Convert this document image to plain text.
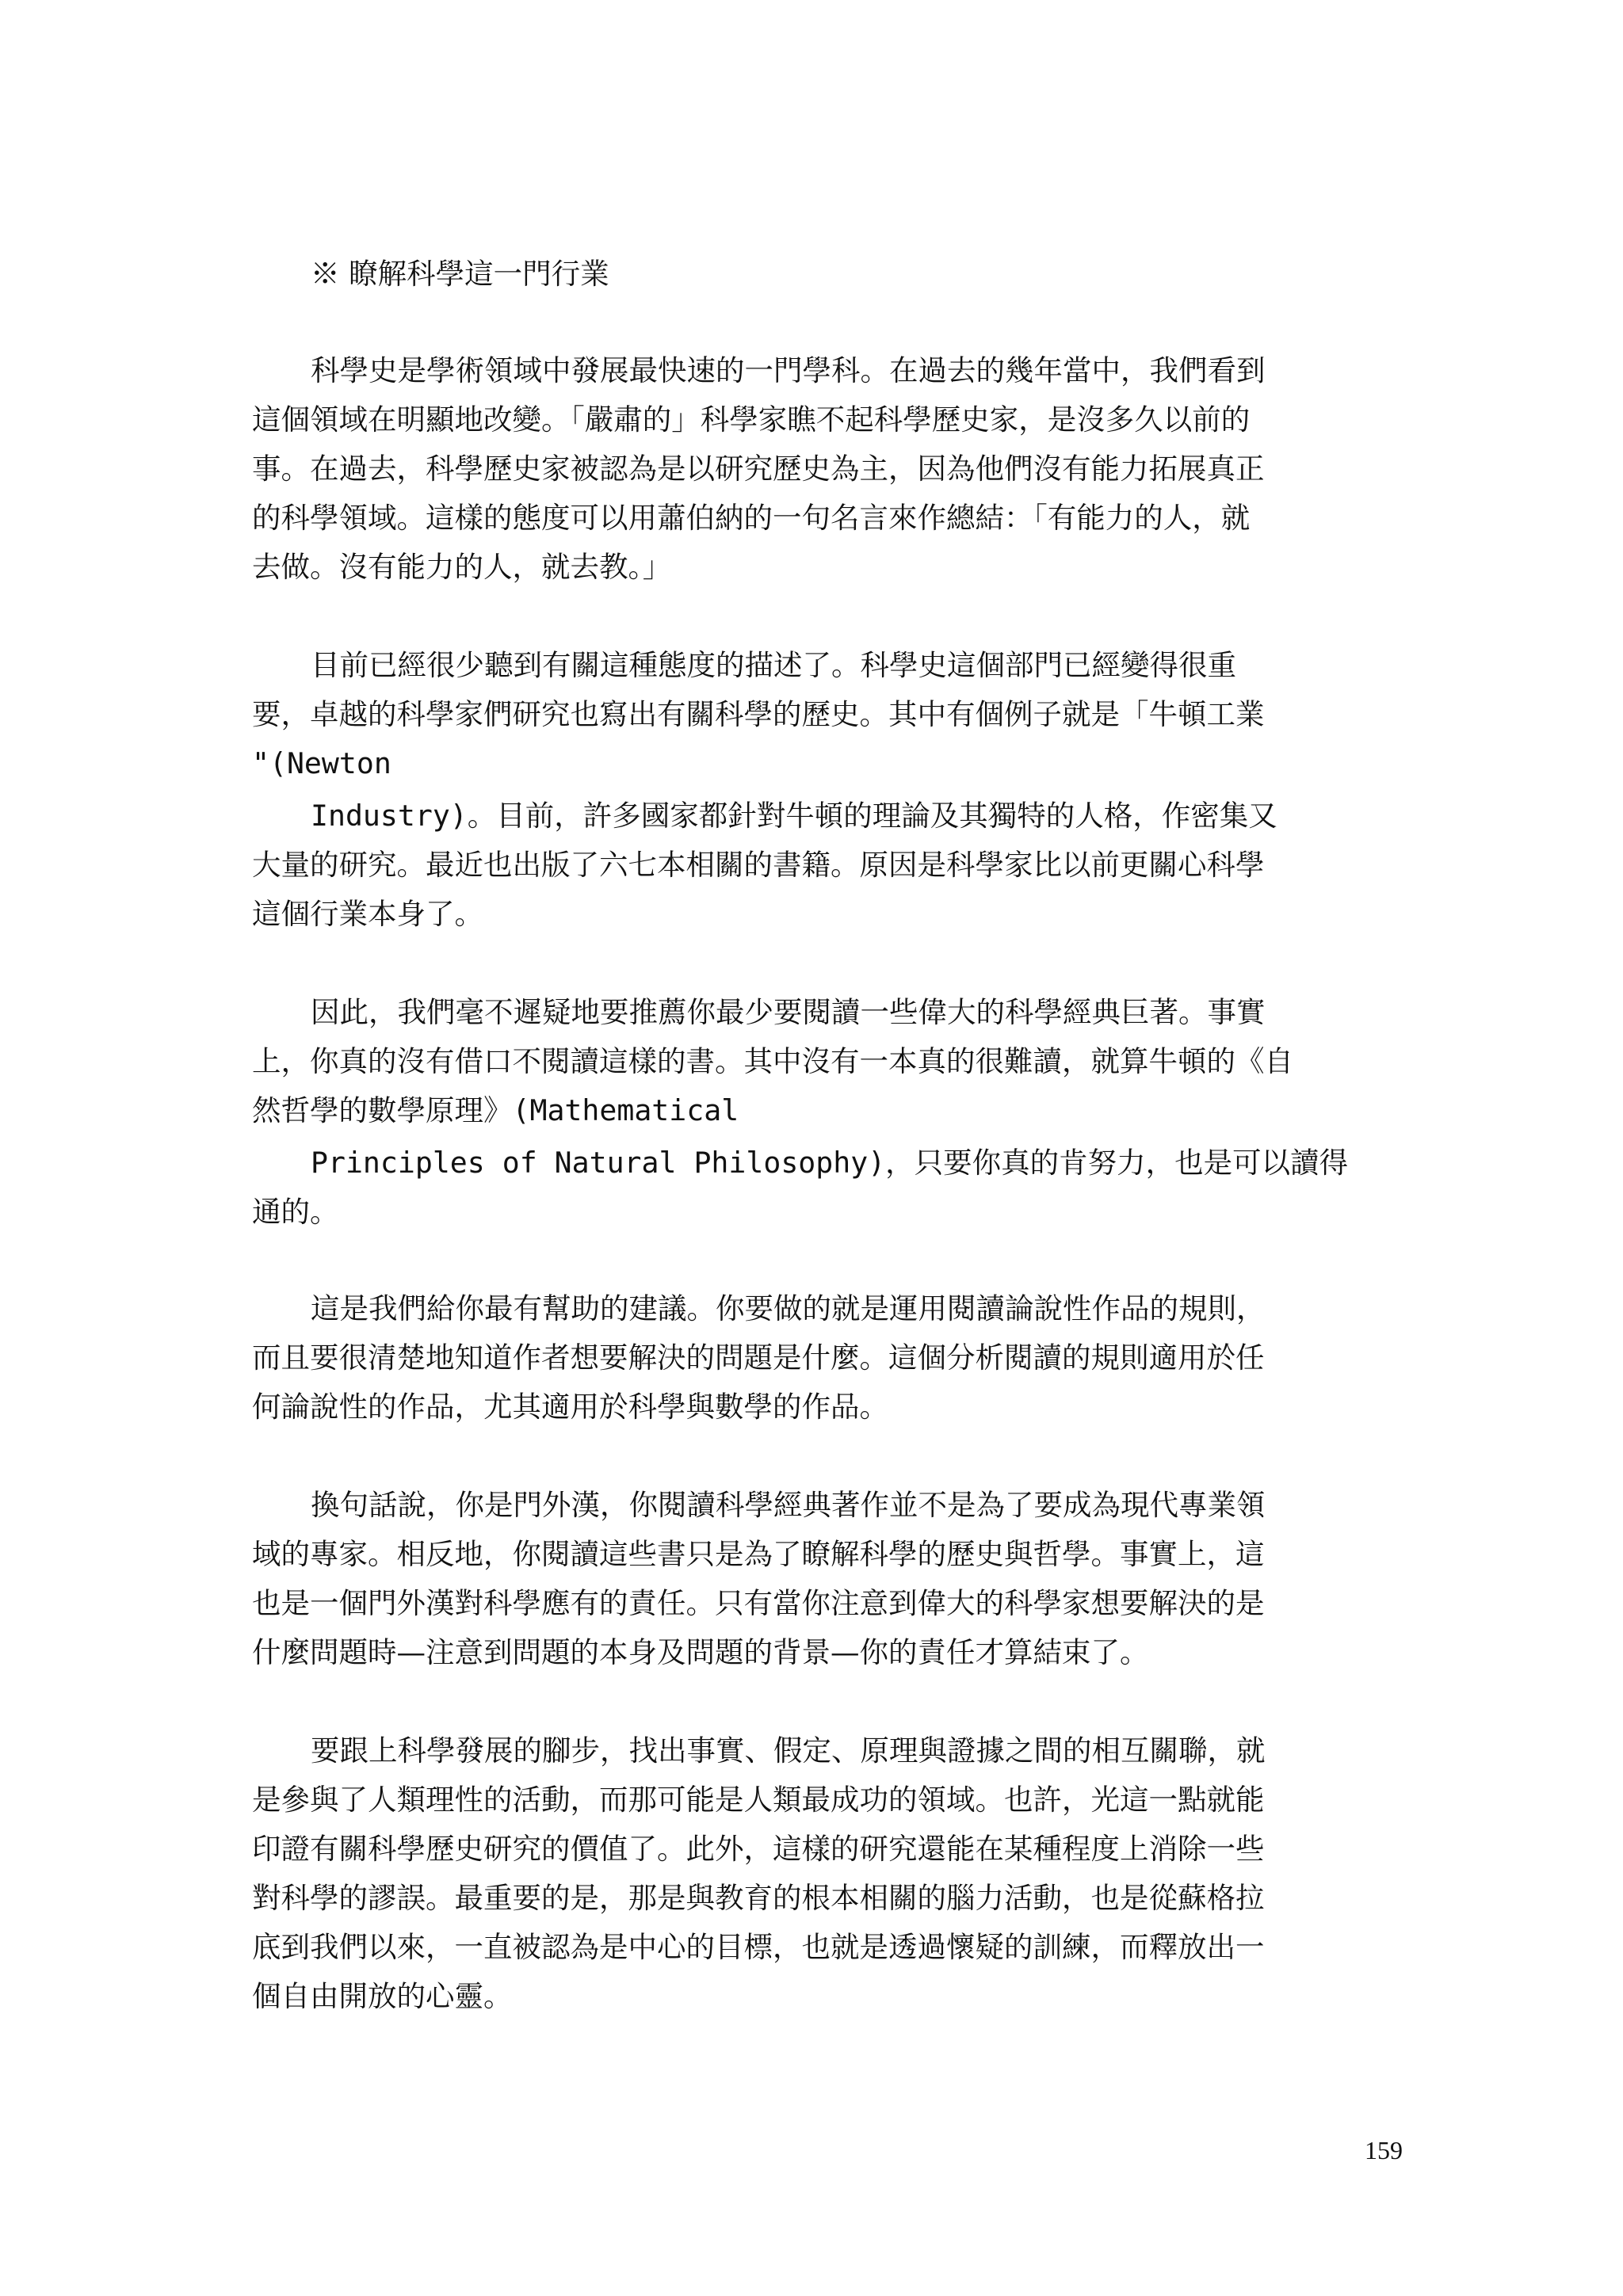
※ 瞭解科學這一門行業
科學史是學術領域中發展最快速的一門學科。在過去的幾年當中，我們看到
這個領域在明顯地改變。「嚴肅的」科學家瞧不起科學歷史家，是沒多久以前的
事。在過去，科學歷史家被認為是以研究歷史為主，因為他們沒有能力拓展真正
的科學領域。這樣的態度可以用蕭伯納的一句名言來作總結：「有能力的人，就
去做。沒有能力的人，就去教。」
目前已經很少聽到有關這種態度的描述了。科學史這個部門已經變得很重
要，卓越的科學家們研究也寫出有關科學的歷史。其中有個例子就是「牛頓工業
"(Newton
Industry)。目前，許多國家都針對牛頓的理論及其獨特的人格，作密集又
大量的研究。最近也出版了六七本相關的書籍。原因是科學家比以前更關心科學
這個行業本身了。
因此，我們毫不遲疑地要推薦你最少要閱讀一些偉大的科學經典巨著。事實
上，你真的沒有借口不閱讀這樣的書。其中沒有一本真的很難讀，就算牛頓的《自
然哲學的數學原理》(Mathematical
Principles of Natural Philosophy)，只要你真的肯努力，也是可以讀得
通的。
這是我們給你最有幫助的建議。你要做的就是運用閱讀論說性作品的規則，
而且要很清楚地知道作者想要解決的問題是什麼。這個分析閱讀的規則適用於任
何論說性的作品，尤其適用於科學與數學的作品。
換句話說，你是門外漢，你閱讀科學經典著作並不是為了要成為現代專業領
域的專家。相反地，你閱讀這些書只是為了瞭解科學的歷史與哲學。事實上，這
也是一個門外漢對科學應有的責任。只有當你注意到偉大的科學家想要解決的是
什麼問題時—注意到問題的本身及問題的背景—你的責任才算結束了。
要跟上科學發展的腳步，找出事實、假定、原理與證據之間的相互關聯，就
是參與了人類理性的活動，而那可能是人類最成功的領域。也許，光這一點就能
印證有關科學歷史研究的價值了。此外，這樣的研究還能在某種程度上消除一些
對科學的謬誤。最重要的是，那是與教育的根本相關的腦力活動，也是從蘇格拉
底到我們以來，一直被認為是中心的目標，也就是透過懷疑的訓練，而釋放出一
個自由開放的心靈。
159
